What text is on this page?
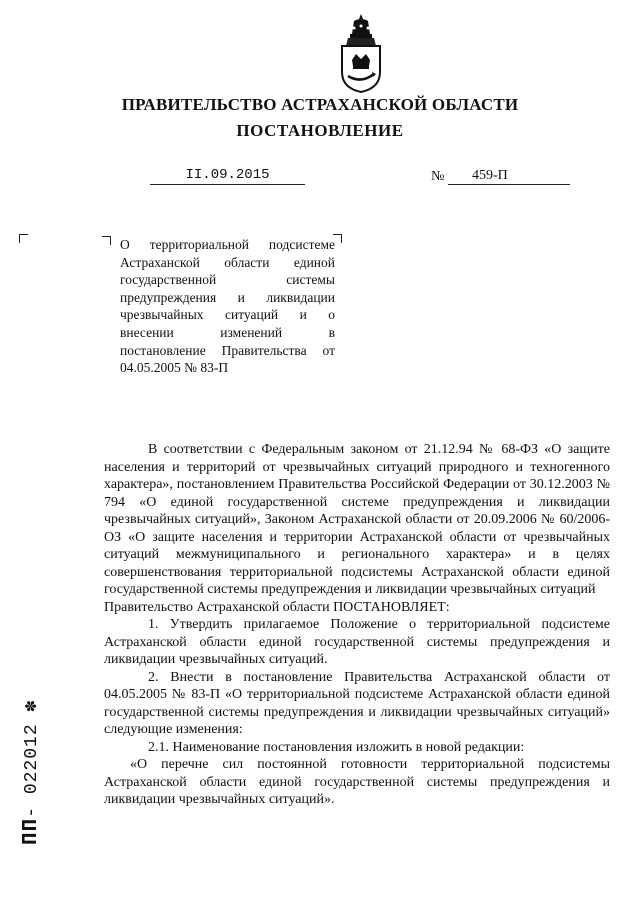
ПРАВИТЕЛЬСТВО АСТРАХАНСКОЙ ОБЛАСТИ
ПОСТАНОВЛЕНИЕ
II.09.2015	№	459-П
О территориальной подсистеме Астраханской области единой государственной системы предупреждения и ликвидации чрезвычайных ситуаций и о внесении изменений в постановление Правительства от 04.05.2005 № 83-П

В соответствии с Федеральным законом от 21.12.94 № 68-ФЗ «О защите населения и территорий от чрезвычайных ситуаций природного и техногенного характера», постановлением Правительства Российской Федерации от 30.12.2003 № 794 «О единой государственной системе предупреждения и ликвидации чрезвычайных ситуаций», Законом Астраханской области от 20.09.2006 № 60/2006-ОЗ «О защите населения и территории Астраханской области от чрезвычайных ситуаций межмуниципального и регионального характера» и в целях совершенствования территориальной подсистемы Астраханской области единой государственной системы предупреждения и ликвидации чрезвычайных ситуаций

Правительство Астраханской области ПОСТАНОВЛЯЕТ:

1. Утвердить прилагаемое Положение о территориальной подсистеме Астраханской области единой государственной системы предупреждения и ликвидации чрезвычайных ситуаций.

2. Внести в постановление Правительства Астраханской области от 04.05.2005 № 83-П «О территориальной подсистеме Астраханской области единой государственной системы предупреждения и ликвидации чрезвычайных ситуаций» следующие изменения:

2.1. Наименование постановления изложить в новой редакции:

«О перечне сил постоянной готовности территориальной подсистемы Астраханской области единой государственной системы предупреждения и ликвидации чрезвычайных ситуаций».

ПП- 022012 ✽
